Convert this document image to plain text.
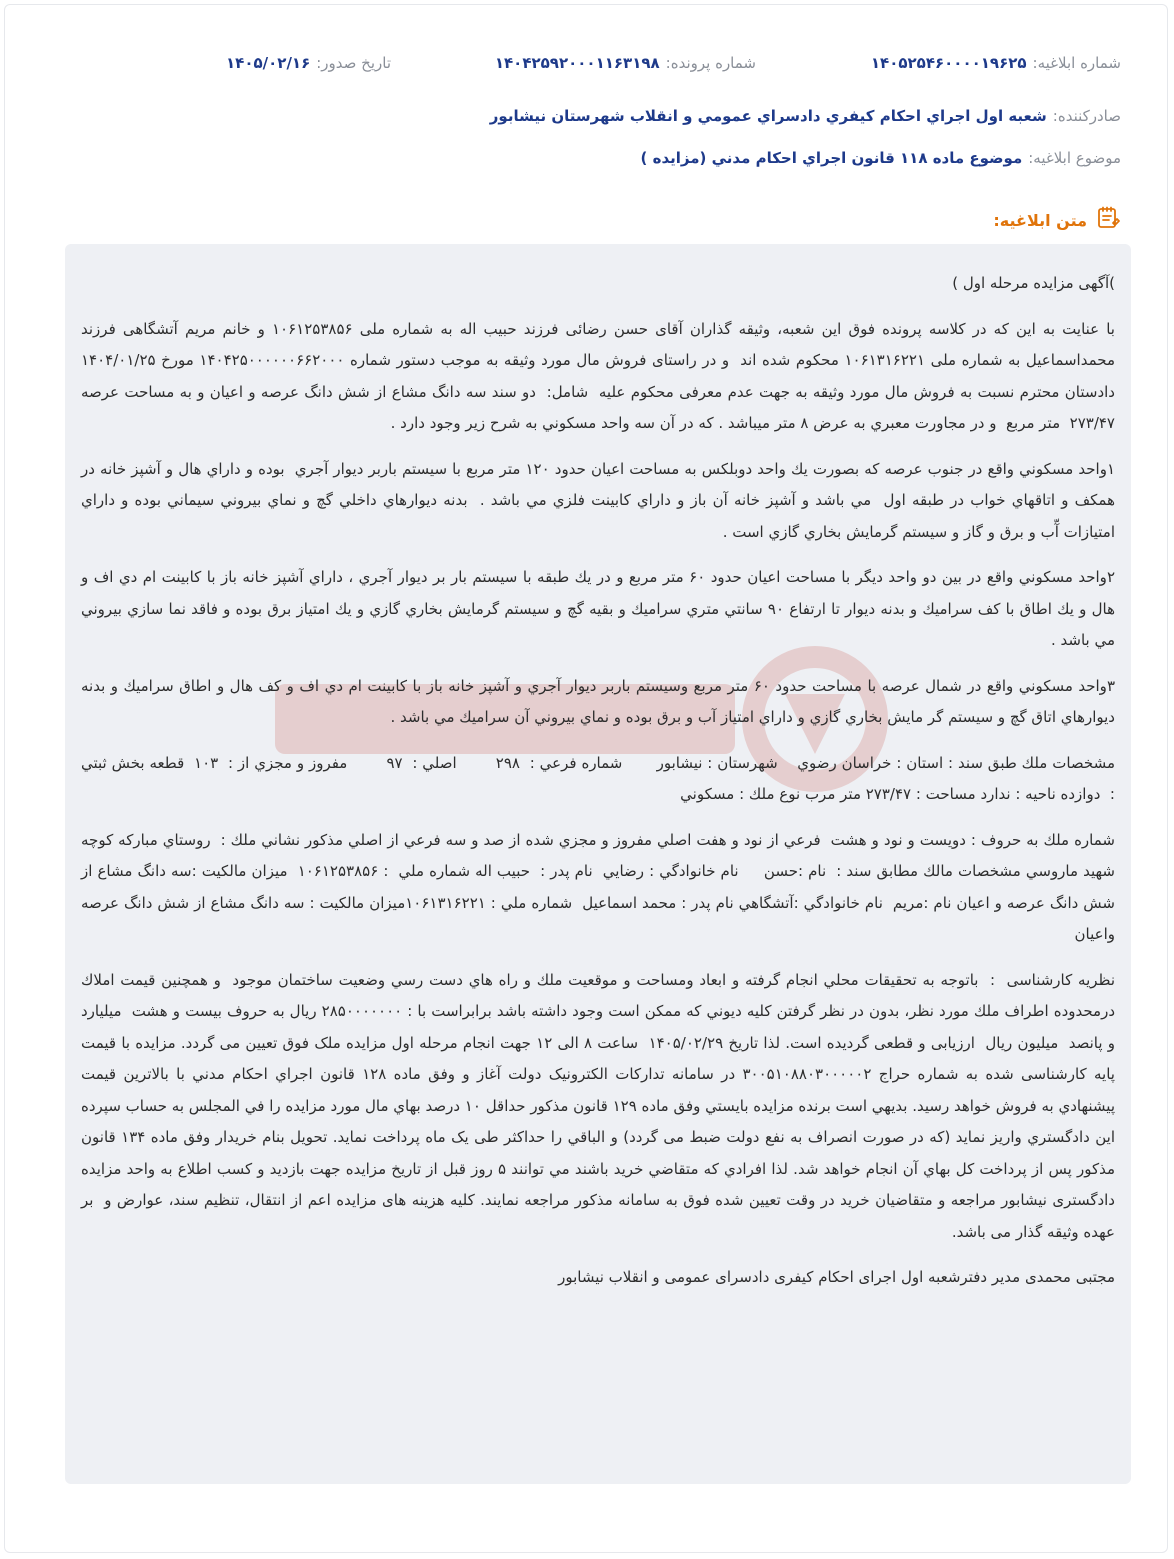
شماره ابلاغيه:
۱۴۰۵۲۵۴۶۰۰۰۰۱۹۶۲۵
شماره پرونده:
۱۴۰۴۲۵۹۲۰۰۰۱۱۶۳۱۹۸
تاريخ صدور:
۱۴۰۵/۰۲/۱۶
صادرکننده:
شعبه اول اجراي احکام کيفري دادسراي عمومي و انقلاب شهرستان نيشابور
موضوع ابلاغيه:
موضوع ماده ۱۱۸ قانون اجراي احکام مدني (مزايده )
متن ابلاغيه:

)آگهی مزايده مرحله اول )

با عنايت به اين که در کلاسه پرونده فوق اين شعبه، وثيقه گذاران آقای حسن رضائی فرزند حبيب اله به شماره ملی ۱۰۶۱۲۵۳۸۵۶ و خانم مريم آتشگاهی فرزند محمداسماعيل به شماره ملی ۱۰۶۱۳۱۶۲۲۱ محکوم شده اند  و در راستای فروش مال مورد وثيقه به موجب دستور شماره ۱۴۰۴۲۵۰۰۰۰۰۰۶۶۲۰۰۰ مورخ ۱۴۰۴/۰۱/۲۵ دادستان محترم نسبت به فروش مال مورد وثيقه به جهت عدم معرفی محکوم عليه  شامل:  دو سند سه دانگ مشاع از شش دانگ عرصه و اعيان و به مساحت عرصه ۲۷۳/۴۷  متر مربع  و در مجاورت معبري به عرض ۸ متر ميباشد . که در آن سه واحد مسکوني به شرح زير وجود دارد .

۱واحد مسکوني واقع در جنوب عرصه که بصورت يك واحد دوبلکس به مساحت اعيان حدود ۱۲۰ متر مربع با سيستم باربر ديوار آجري  بوده و داراي هال و آشپز خانه در همکف و اتاقهاي خواب در طبقه اول  مي باشد و آشپز خانه آن باز و داراي کابينت فلزي مي باشد .  بدنه ديوارهاي داخلي گچ و نماي بيروني سيماني بوده و داراي امتيازات آّب و برق و گاز و سيستم گرمايش بخاري گازي است .

۲واحد مسکوني واقع در بين دو واحد ديگر با مساحت اعيان حدود ۶۰ متر مربع و در يك طبقه با سيستم بار بر ديوار آجري ، داراي آشپز خانه باز با کابينت ام دي اف و هال و يك اطاق با کف سراميك و بدنه ديوار تا ارتفاع ۹۰ سانتي متري سراميك و بقيه گچ و سيستم گرمايش بخاري گازي و يك امتياز برق بوده و فاقد نما سازي بيروني مي باشد .

۳واحد مسکوني واقع در شمال عرصه با مساحت حدود ۶۰ متر مربع وسيستم باربر ديوار آجري و آشپز خانه باز با کابينت ام دي اف و کف هال و اطاق سراميك و بدنه ديوارهاي اتاق گچ و سيستم گر مايش بخاري گازي و داراي امتياز آب و برق بوده و نماي بيروني آن سراميك مي باشد .

مشخصات ملك طبق سند : استان : خراسان رضوي    شهرستان : نيشابور       شماره فرعي :  ۲۹۸        اصلي :  ۹۷        مفروز و مجزي از :  ۱۰۳  قطعه بخش ثبتي :  دوازده ناحيه : ندارد مساحت : ۲۷۳/۴۷ متر مرب نوع ملك : مسکوني

شماره ملك به حروف : دويست و نود و هشت  فرعي از نود و هفت اصلي مفروز و مجزي شده از صد و سه فرعي از اصلي مذکور نشاني ملك :  روستاي مبارکه کوچه شهيد ماروسي مشخصات مالك مطابق سند :  نام :حسن     نام خانوادگي : رضايي  نام پدر :  حبيب اله شماره ملي  : ۱۰۶۱۲۵۳۸۵۶  ميزان مالکيت :سه دانگ مشاع از شش دانگ عرصه و اعيان نام :مريم  نام خانوادگي :آتشگاهي نام پدر : محمد اسماعيل  شماره ملي : ۱۰۶۱۳۱۶۲۲۱ميزان مالکيت : سه دانگ مشاع از شش دانگ عرصه واعيان

نظريه کارشناسی  :  باتوجه به تحقيقات محلي انجام گرفته و ابعاد ومساحت و موقعيت ملك و راه هاي دست رسي وضعيت ساختمان موجود  و همچنين قيمت املاك درمحدوده اطراف ملك مورد نظر، بدون در نظر گرفتن کليه ديوني که ممکن است وجود داشته باشد برابراست با : ۲۸۵۰۰۰۰۰۰۰ ريال به حروف بيست و هشت  ميليارد و پانصد  ميليون ريال  ارزيابی و قطعی گرديده است. لذا تاريخ ۱۴۰۵/۰۲/۲۹  ساعت ۸ الی ۱۲ جهت انجام مرحله اول مزايده ملک فوق تعيين می گردد. مزايده با قيمت پايه کارشناسی شده به شماره حراج ۳۰۰۵۱۰۸۸۰۳۰۰۰۰۰۲ در سامانه تدارکات الکترونيک دولت آغاز و وفق ماده ۱۲۸ قانون اجراي احکام مدني با بالاترين قيمت پيشنهادي به فروش خواهد رسيد. بديهي است برنده مزايده بايستي وفق ماده ۱۲۹ قانون مذکور حداقل ۱۰ درصد بهاي مال مورد مزايده را في المجلس به حساب سپرده اين دادگستري واريز نمايد (که در صورت انصراف به نفع دولت ضبط می گردد) و الباقي را حداکثر طی يک ماه پرداخت نمايد. تحويل بنام خريدار وفق ماده ۱۳۴ قانون مذکور پس از پرداخت کل بهاي آن انجام خواهد شد. لذا افرادي که متقاضي خريد باشند مي توانند ۵ روز قبل از تاريخ مزايده جهت بازديد و کسب اطلاع به واحد مزايده دادگستری نيشابور مراجعه و متقاضيان خريد در وقت تعيين شده فوق به سامانه مذکور مراجعه نمايند. کليه هزينه های مزايده اعم از انتقال، تنظيم سند، عوارض و  بر عهده وثيقه گذار می باشد.

مجتبی محمدی مدير دفترشعبه اول اجرای احکام کيفری دادسرای عمومی و انقلاب نيشابور
